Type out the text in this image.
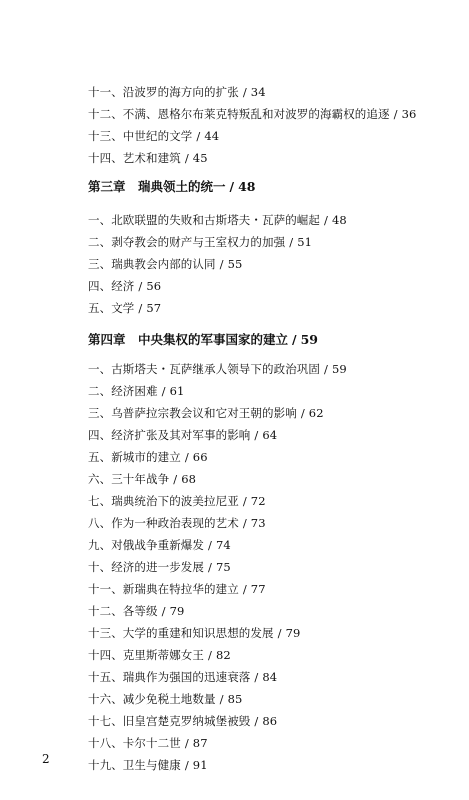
十一、沿波罗的海方向的扩张 / 34
十二、不满、恩格尔布莱克特叛乱和对波罗的海霸权的追逐 / 36
十三、中世纪的文学 / 44
十四、艺术和建筑 / 45
第三章　瑞典领土的统一 / 48
一、北欧联盟的失败和古斯塔夫・瓦萨的崛起 / 48
二、剥夺教会的财产与王室权力的加强 / 51
三、瑞典教会内部的认同 / 55
四、经济 / 56
五、文学 / 57
第四章　中央集权的军事国家的建立 / 59
一、古斯塔夫・瓦萨继承人领导下的政治巩固 / 59
二、经济困难 / 61
三、乌普萨拉宗教会议和它对王朝的影响 / 62
四、经济扩张及其对军事的影响 / 64
五、新城市的建立 / 66
六、三十年战争 / 68
七、瑞典统治下的波美拉尼亚 / 72
八、作为一种政治表现的艺术 / 73
九、对俄战争重新爆发 / 74
十、经济的进一步发展 / 75
十一、新瑞典在特拉华的建立 / 77
十二、各等级 / 79
十三、大学的重建和知识思想的发展 / 79
十四、克里斯蒂娜女王 / 82
十五、瑞典作为强国的迅速衰落 / 84
十六、减少免税土地数量 / 85
十七、旧皇宫楚克罗纳城堡被毁 / 86
十八、卡尔十二世 / 87
十九、卫生与健康 / 91
2
